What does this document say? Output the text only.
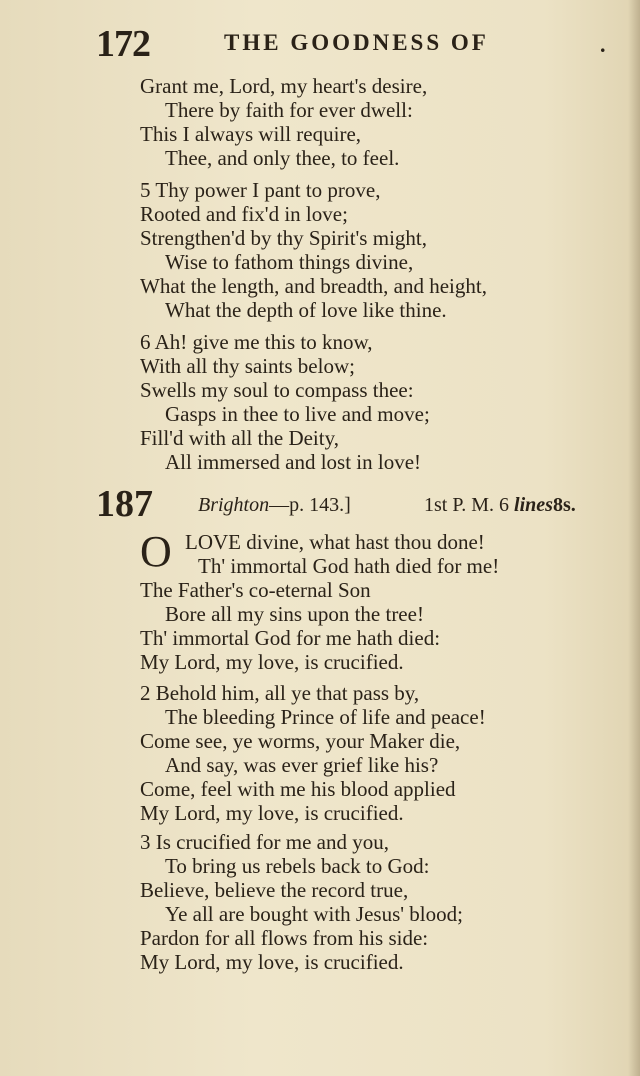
172	THE GOODNESS OF	.
Grant me, Lord, my heart's desire,
There by faith for ever dwell:
This I always will require,
Thee, and only thee, to feel.
5 Thy power I pant to prove,
Rooted and fix'd in love;
Strengthen'd by thy Spirit's might,
Wise to fathom things divine,
What the length, and breadth, and height,
What the depth of love like thine.
6 Ah! give me this to know,
With all thy saints below;
Swells my soul to compass thee:
Gasps in thee to live and move;
Fill'd with all the Deity,
All immersed and lost in love!
187 Brighton—p. 143.]	1st P. M. 6 lines8s.
O LOVE divine, what hast thou done!
Th' immortal God hath died for me!
The Father's co-eternal Son
Bore all my sins upon the tree!
Th' immortal God for me hath died:
My Lord, my love, is crucified.
2 Behold him, all ye that pass by,
The bleeding Prince of life and peace!
Come see, ye worms, your Maker die,
And say, was ever grief like his?
Come, feel with me his blood applied
My Lord, my love, is crucified.
3 Is crucified for me and you,
To bring us rebels back to God:
Believe, believe the record true,
Ye all are bought with Jesus' blood;
Pardon for all flows from his side:
My Lord, my love, is crucified.
